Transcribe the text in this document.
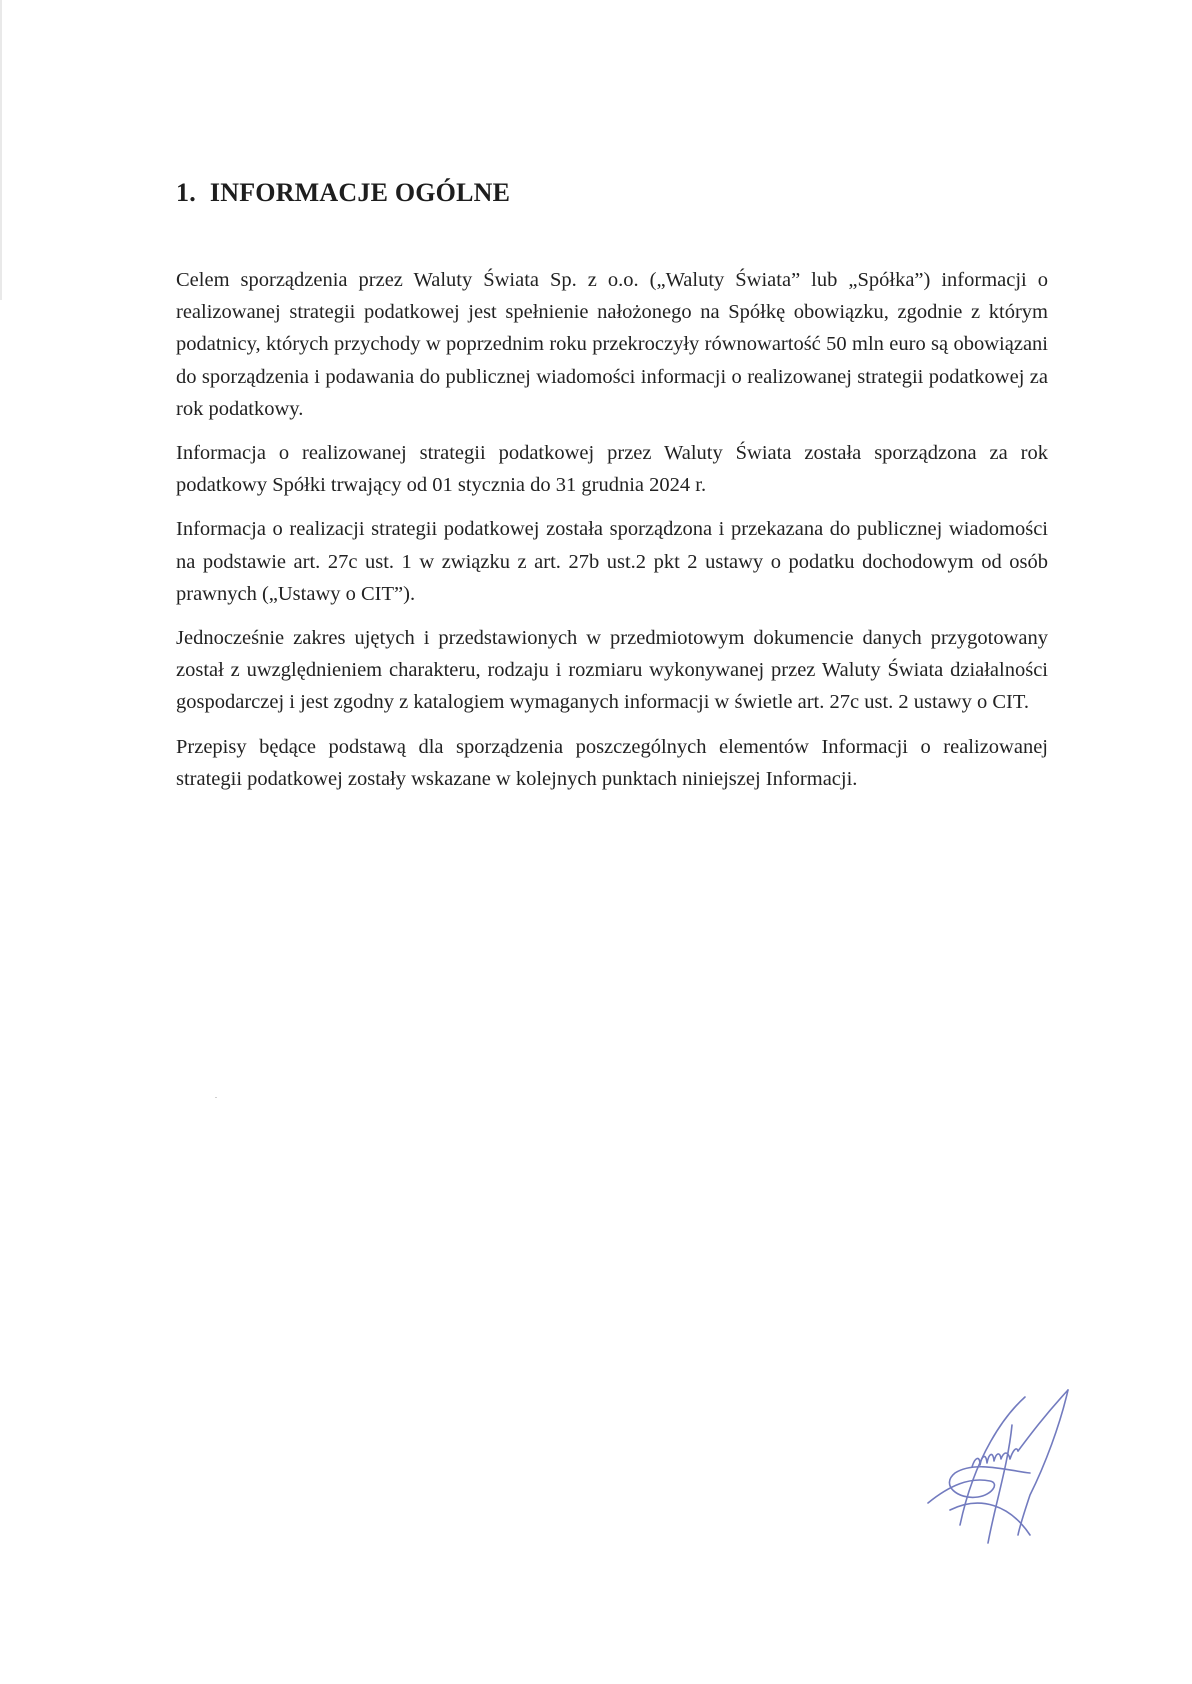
1. INFORMACJE OGÓLNE

Celem sporządzenia przez Waluty Świata Sp. z o.o. („Waluty Świata” lub „Spółka”) informacji o realizowanej strategii podatkowej jest spełnienie nałożonego na Spółkę obowiązku, zgodnie z którym podatnicy, których przychody w poprzednim roku przekroczyły równowartość 50 mln euro są obowiązani do sporządzenia i podawania do publicznej wiadomości informacji o realizowanej strategii podatkowej za rok podatkowy.

Informacja o realizowanej strategii podatkowej przez Waluty Świata została sporządzona za rok podatkowy Spółki trwający od 01 stycznia do 31 grudnia 2024 r.

Informacja o realizacji strategii podatkowej została sporządzona i przekazana do publicznej wiadomości na podstawie art. 27c ust. 1 w związku z art. 27b ust.2 pkt 2 ustawy o podatku dochodowym od osób prawnych („Ustawy o CIT”).

Jednocześnie zakres ujętych i przedstawionych w przedmiotowym dokumencie danych przygotowany został z uwzględnieniem charakteru, rodzaju i rozmiaru wykonywanej przez Waluty Świata działalności gospodarczej i jest zgodny z katalogiem wymaganych informacji w świetle art. 27c ust. 2 ustawy o CIT.

Przepisy będące podstawą dla sporządzenia poszczególnych elementów Informacji o realizowanej strategii podatkowej zostały wskazane w kolejnych punktach niniejszej Informacji.
